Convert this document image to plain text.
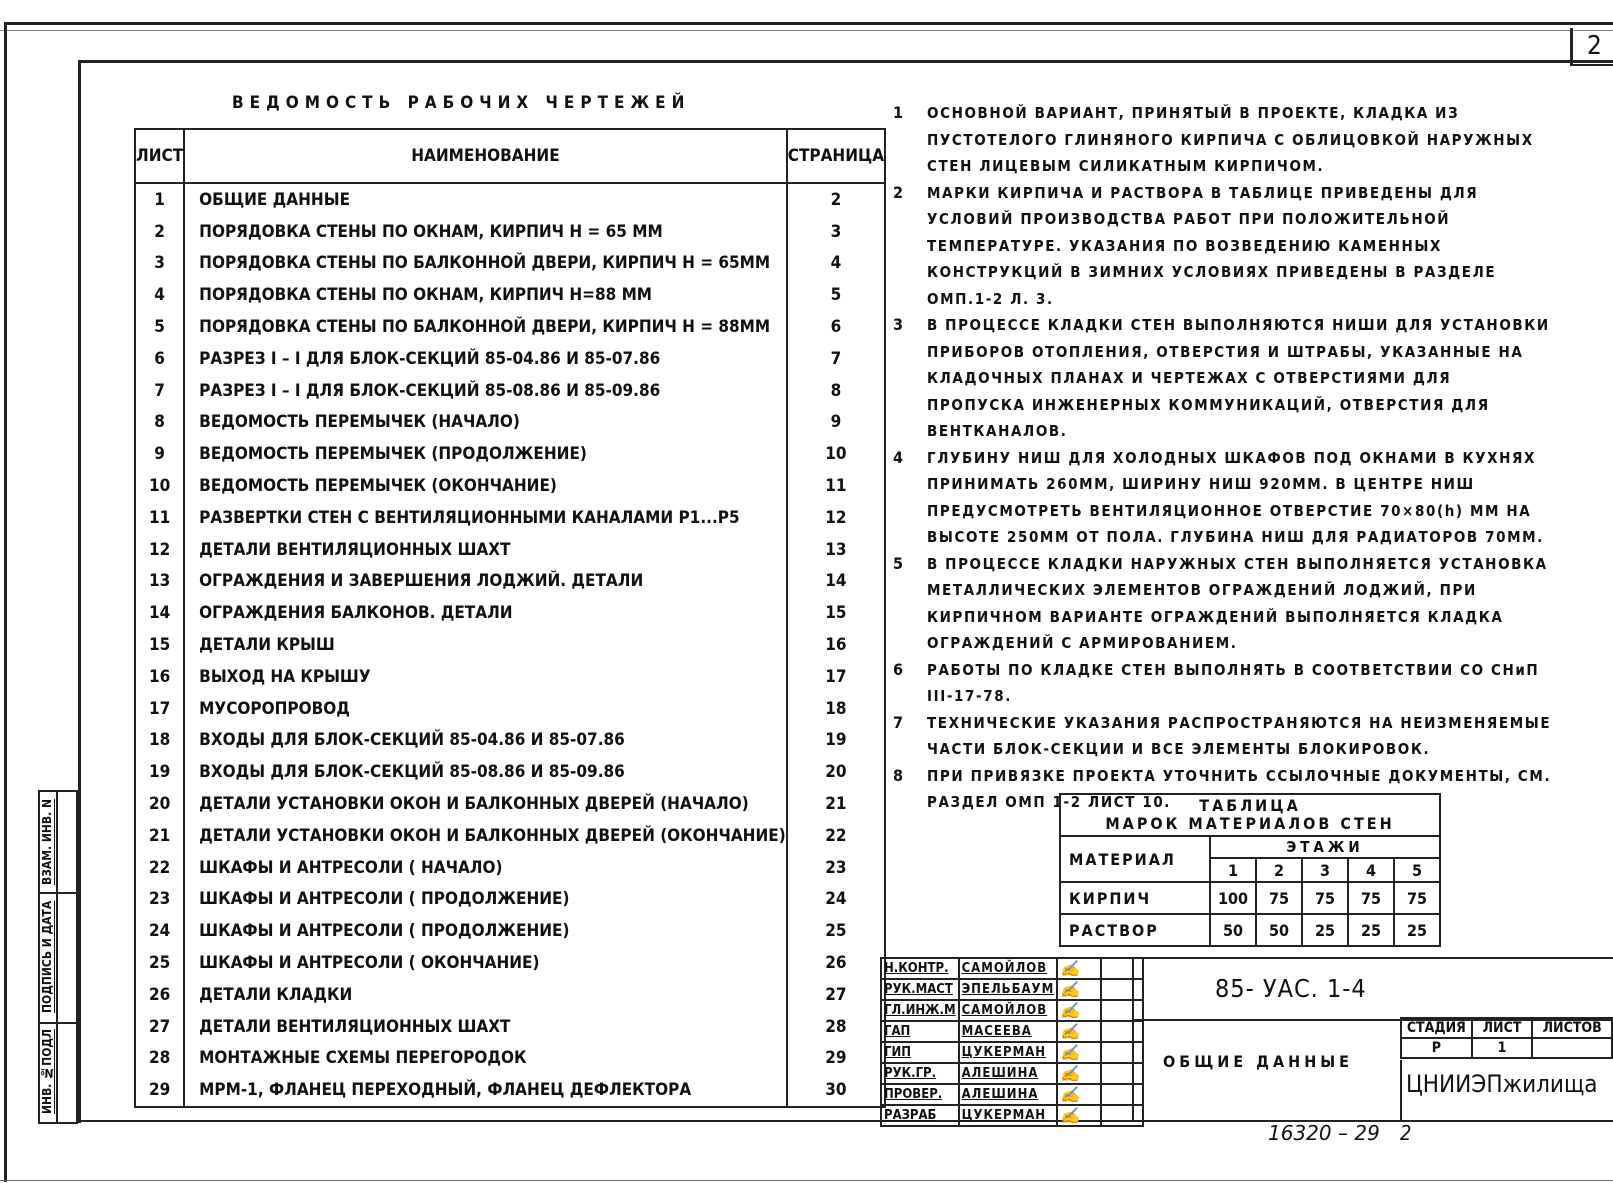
2
ИНВ. №ПОДЛ
ПОДПИСЬ И ДАТА
ВЗАМ. ИНВ. N
ВЕДОМОСТЬ РАБОЧИХ ЧЕРТЕЖЕЙ
ЛИСТ	НАИМЕНОВАНИЕ	СТРАНИЦА
1	ОБЩИЕ ДАННЫЕ	2
2	ПОРЯДОВКА СТЕНЫ ПО ОКНАМ, КИРПИЧ Н = 65 ММ	3
3	ПОРЯДОВКА СТЕНЫ ПО БАЛКОННОЙ ДВЕРИ, КИРПИЧ Н = 65ММ	4
4	ПОРЯДОВКА СТЕНЫ ПО ОКНАМ, КИРПИЧ Н=88 ММ	5
5	ПОРЯДОВКА СТЕНЫ ПО БАЛКОННОЙ ДВЕРИ, КИРПИЧ Н = 88ММ	6
6	РАЗРЕЗ I – I ДЛЯ БЛОК-СЕКЦИЙ 85-04.86 И 85-07.86	7
7	РАЗРЕЗ I – I ДЛЯ БЛОК-СЕКЦИЙ 85-08.86 И 85-09.86	8
8	ВЕДОМОСТЬ ПЕРЕМЫЧЕК (НАЧАЛО)	9
9	ВЕДОМОСТЬ ПЕРЕМЫЧЕК (ПРОДОЛЖЕНИЕ)	10
10	ВЕДОМОСТЬ ПЕРЕМЫЧЕК (ОКОНЧАНИЕ)	11
11	РАЗВЕРТКИ СТЕН С ВЕНТИЛЯЦИОННЫМИ КАНАЛАМИ Р1...Р5	12
12	ДЕТАЛИ ВЕНТИЛЯЦИОННЫХ ШАХТ	13
13	ОГРАЖДЕНИЯ И ЗАВЕРШЕНИЯ ЛОДЖИЙ. ДЕТАЛИ	14
14	ОГРАЖДЕНИЯ БАЛКОНОВ. ДЕТАЛИ	15
15	ДЕТАЛИ КРЫШ	16
16	ВЫХОД НА КРЫШУ	17
17	МУСОРОПРОВОД	18
18	ВХОДЫ ДЛЯ БЛОК-СЕКЦИЙ 85-04.86 И 85-07.86	19
19	ВХОДЫ ДЛЯ БЛОК-СЕКЦИЙ 85-08.86 И 85-09.86	20
20	ДЕТАЛИ УСТАНОВКИ ОКОН И БАЛКОННЫХ ДВЕРЕЙ (НАЧАЛО)	21
21	ДЕТАЛИ УСТАНОВКИ ОКОН И БАЛКОННЫХ ДВЕРЕЙ (ОКОНЧАНИЕ)	22
22	ШКАФЫ И АНТРЕСОЛИ ( НАЧАЛО)	23
23	ШКАФЫ И АНТРЕСОЛИ ( ПРОДОЛЖЕНИЕ)	24
24	ШКАФЫ И АНТРЕСОЛИ ( ПРОДОЛЖЕНИЕ)	25
25	ШКАФЫ И АНТРЕСОЛИ ( ОКОНЧАНИЕ)	26
26	ДЕТАЛИ КЛАДКИ	27
27	ДЕТАЛИ ВЕНТИЛЯЦИОННЫХ ШАХТ	28
28	МОНТАЖНЫЕ СХЕМЫ ПЕРЕГОРОДОК	29
29	МРМ-1, ФЛАНЕЦ ПЕРЕХОДНЫЙ, ФЛАНЕЦ ДЕФЛЕКТОРА	30
1 ОСНОВНОЙ ВАРИАНТ, ПРИНЯТЫЙ В ПРОЕКТЕ, КЛАДКА ИЗ ПУСТОТЕЛОГО ГЛИНЯНОГО КИРПИЧА С ОБЛИЦОВКОЙ НАРУЖНЫХ СТЕН ЛИЦЕВЫМ СИЛИКАТНЫМ КИРПИЧОМ.
2 МАРКИ КИРПИЧА И РАСТВОРА В ТАБЛИЦЕ ПРИВЕДЕНЫ ДЛЯ УСЛОВИЙ ПРОИЗВОДСТВА РАБОТ ПРИ ПОЛОЖИТЕЛЬНОЙ ТЕМПЕРАТУРЕ. УКАЗАНИЯ ПО ВОЗВЕДЕНИЮ КАМЕННЫХ КОНСТРУКЦИЙ В ЗИМНИХ УСЛОВИЯХ ПРИВЕДЕНЫ В РАЗДЕЛЕ ОМП.1-2 Л. 3.
3 В ПРОЦЕССЕ КЛАДКИ СТЕН ВЫПОЛНЯЮТСЯ НИШИ ДЛЯ УСТАНОВКИ ПРИБОРОВ ОТОПЛЕНИЯ, ОТВЕРСТИЯ И ШТРАБЫ, УКАЗАННЫЕ НА КЛАДОЧНЫХ ПЛАНАХ И ЧЕРТЕЖАХ С ОТВЕРСТИЯМИ ДЛЯ ПРОПУСКА ИНЖЕНЕРНЫХ КОММУНИКАЦИЙ, ОТВЕРСТИЯ ДЛЯ ВЕНТКАНАЛОВ.
4 ГЛУБИНУ НИШ ДЛЯ ХОЛОДНЫХ ШКАФОВ ПОД ОКНАМИ В КУХНЯХ ПРИНИМАТЬ 260ММ, ШИРИНУ НИШ 920ММ. В ЦЕНТРЕ НИШ ПРЕДУСМОТРЕТЬ ВЕНТИЛЯЦИОННОЕ ОТВЕРСТИЕ 70×80(h) ММ НА ВЫСОТЕ 250ММ ОТ ПОЛА. ГЛУБИНА НИШ ДЛЯ РАДИАТОРОВ 70ММ.
5 В ПРОЦЕССЕ КЛАДКИ НАРУЖНЫХ СТЕН ВЫПОЛНЯЕТСЯ УСТАНОВКА МЕТАЛЛИЧЕСКИХ ЭЛЕМЕНТОВ ОГРАЖДЕНИЙ ЛОДЖИЙ, ПРИ КИРПИЧНОМ ВАРИАНТЕ ОГРАЖДЕНИЙ ВЫПОЛНЯЕТСЯ КЛАДКА ОГРАЖДЕНИЙ С АРМИРОВАНИЕМ.
6 РАБОТЫ ПО КЛАДКЕ СТЕН ВЫПОЛНЯТЬ В СООТВЕТСТВИИ СО СНиП III-17-78.
7 ТЕХНИЧЕСКИЕ УКАЗАНИЯ РАСПРОСТРАНЯЮТСЯ НА НЕИЗМЕНЯЕМЫЕ ЧАСТИ БЛОК-СЕКЦИИ И ВСЕ ЭЛЕМЕНТЫ БЛОКИРОВОК.
8 ПРИ ПРИВЯЗКЕ ПРОЕКТА УТОЧНИТЬ ССЫЛОЧНЫЕ ДОКУМЕНТЫ, СМ. РАЗДЕЛ ОМП 1-2 ЛИСТ 10.	ТАБЛИЦА
МАРОК МАТЕРИАЛОВ СТЕН					

МАТЕРИАЛ	ЭТАЖИ				
	1	2	3	4	5
КИРПИЧ	100	75	75	75	75
РАСТВОР	50	50	25	25	25
Н.КОНТР.	САМОЙЛОВ	✍	
РУК.МАСТ	ЭПЕЛЬБАУМ	✍	
ГЛ.ИНЖ.М	САМОЙЛОВ	✍	
ГАП	МАСЕЕВА	✍	
ГИП	ЦУКЕРМАН	✍	
РУК.ГР.	АЛЕШИНА	✍	
ПРОВЕР.	АЛЕШИНА	✍	
РАЗРАБ	ЦУКЕРМАН	✍	
85- УАС. 1-4
ОБЩИЕ ДАННЫЕ
СТАДИЯ	ЛИСТ	ЛИСТОВ
Р	1	
ЦНИИЭПжилища
16320 – 29 2
